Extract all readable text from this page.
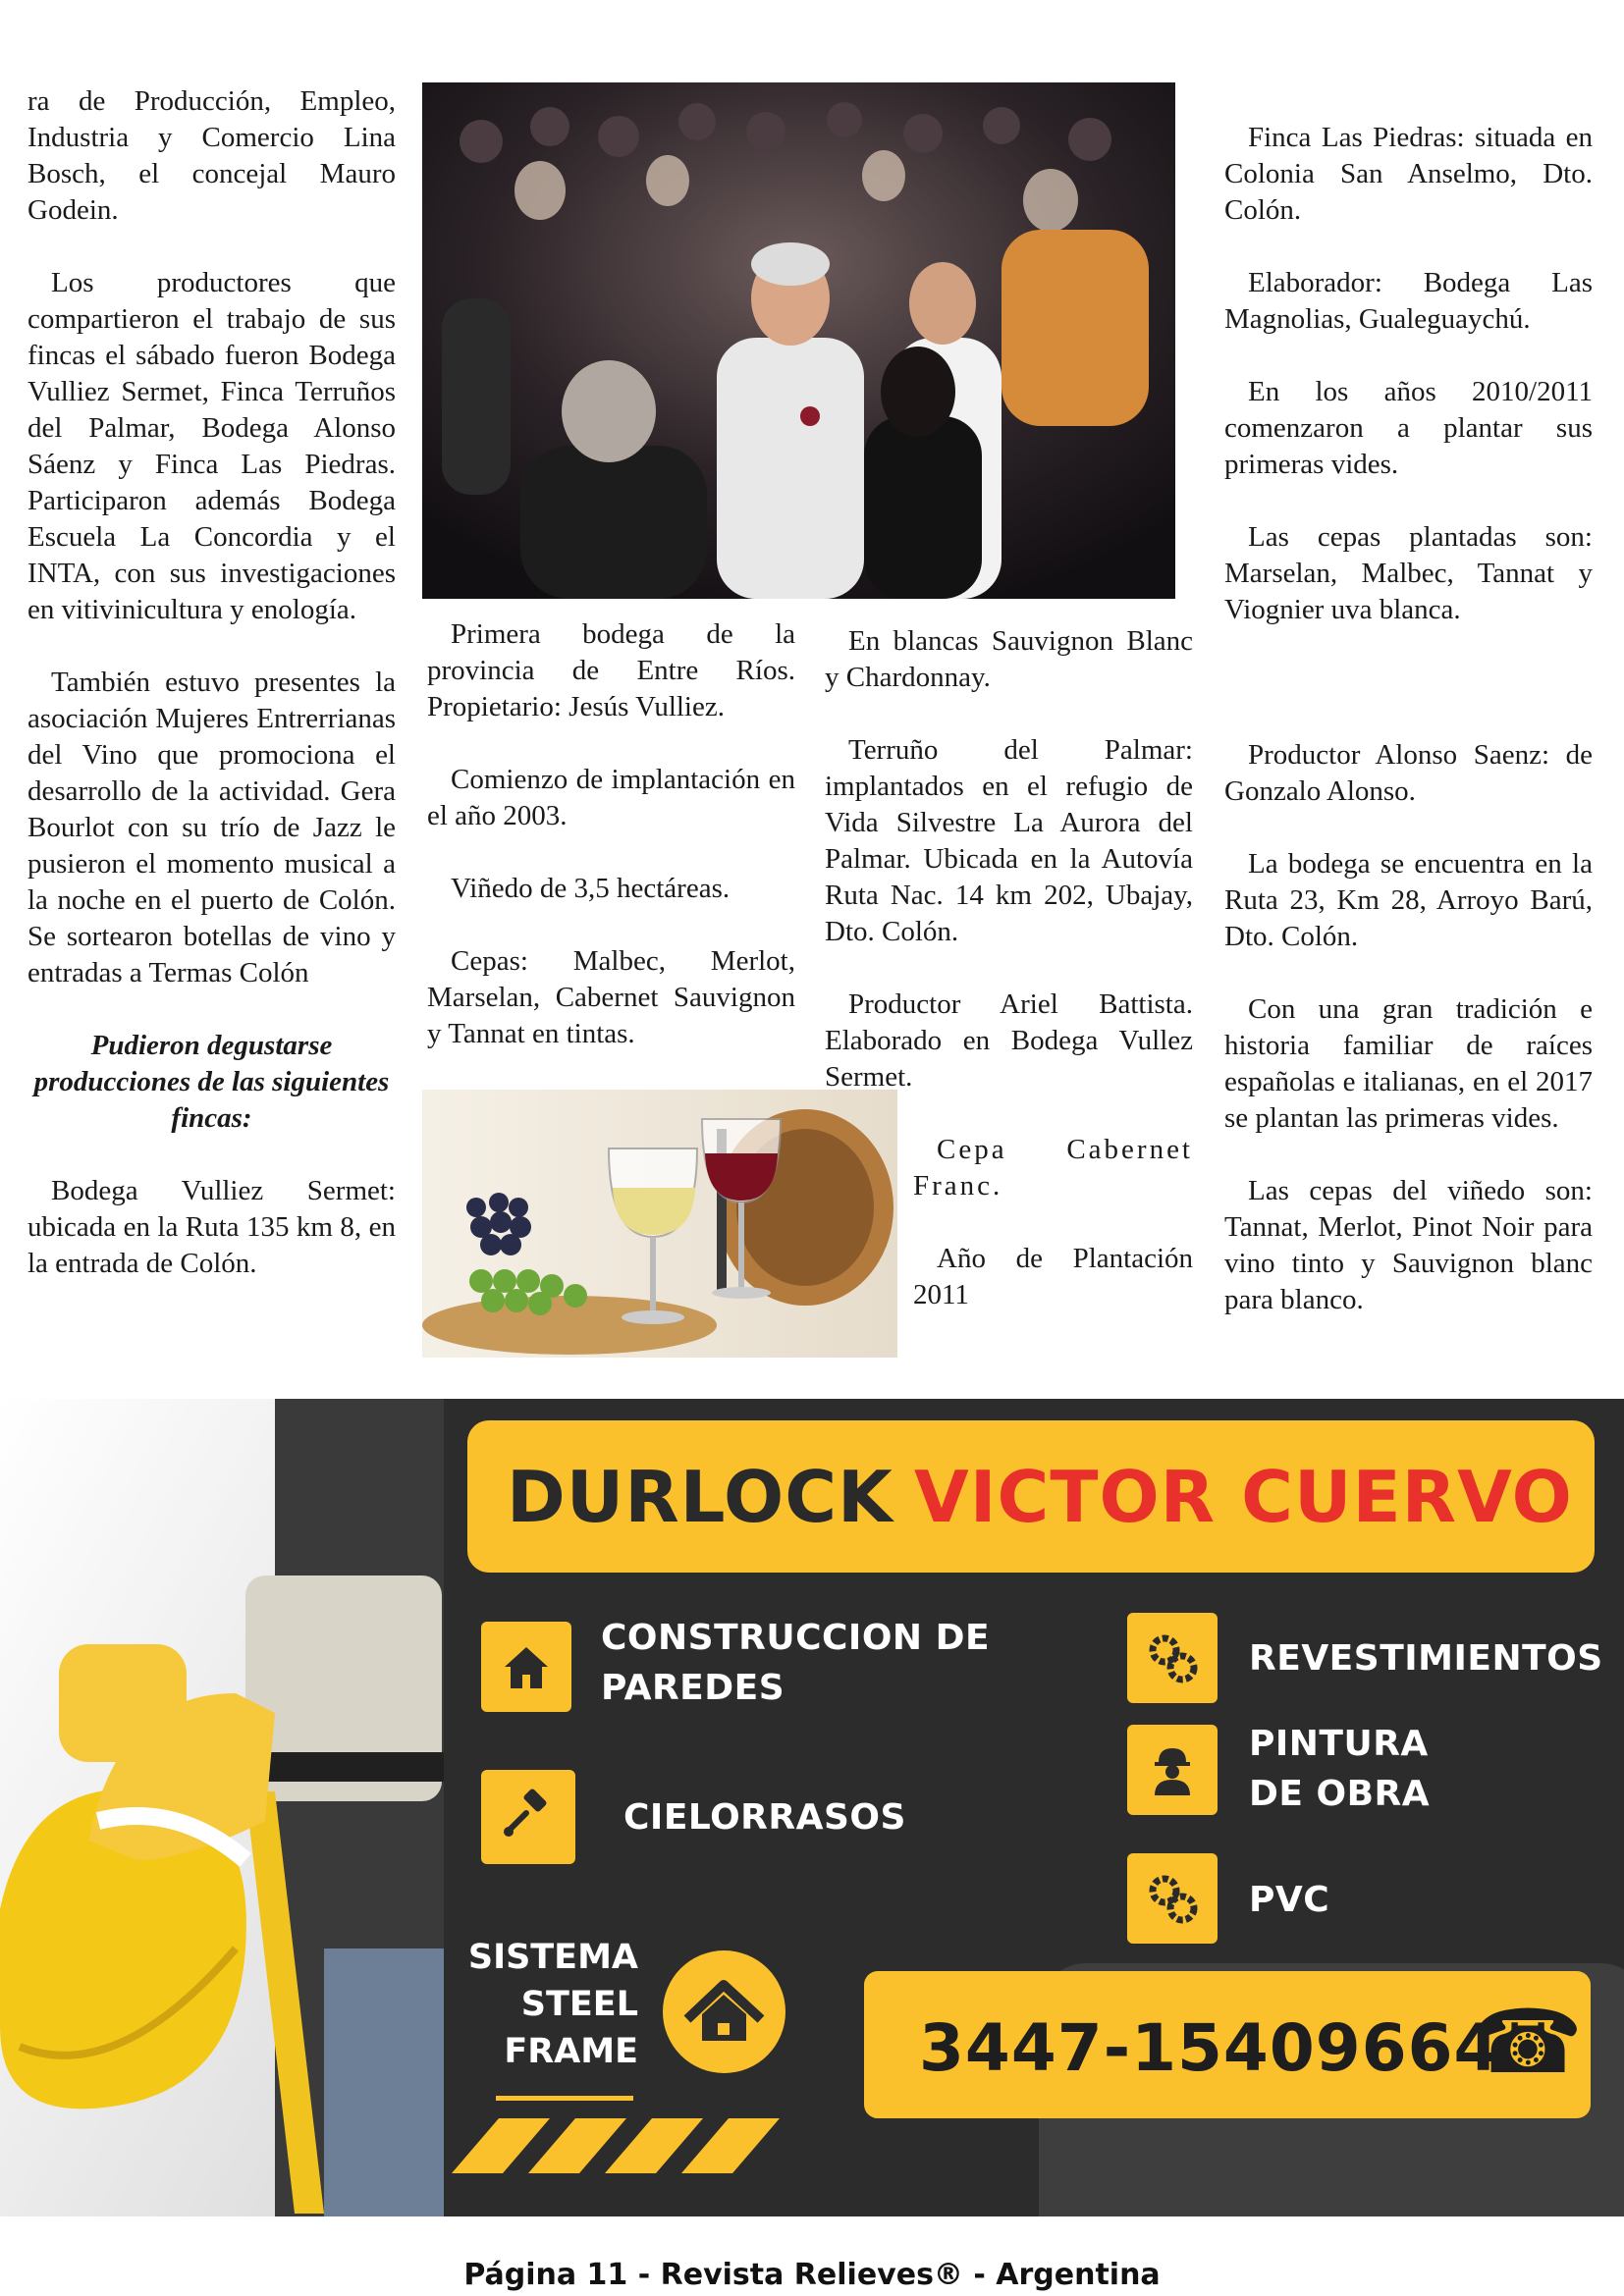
ra de Producción, Empleo, Industria y Comercio Lina Bosch, el concejal Mauro Godein.

Los productores que compartieron el trabajo de sus fincas el sábado fueron Bodega Vulliez Sermet, Finca Terruños del Palmar, Bodega Alonso Sáenz y Finca Las Piedras. Participaron además Bodega Escuela La Concordia y el INTA, con sus investigaciones en vitivinicultura y enología.

También estuvo presentes la asociación Mujeres Entrerrianas del Vino que promociona el desarrollo de la actividad. Gera Bourlot con su trío de Jazz le pusieron el momento musical a la noche en el puerto de Colón. Se sortearon botellas de vino y entradas a Termas Colón

Pudieron degustarse producciones de las siguientes fincas:

Bodega Vulliez Sermet: ubicada en la Ruta 135 km 8, en la entrada de Colón.

Primera bodega de la provincia de Entre Ríos. Propietario: Jesús Vulliez.

Comienzo de implantación en el año 2003.

Viñedo de 3,5 hectáreas.

Cepas: Malbec, Merlot, Marselan, Cabernet Sauvignon y Tannat en tintas.

En blancas Sauvignon Blanc y Chardonnay.

Terruño del Palmar: implantados en el refugio de Vida Silvestre La Aurora del Palmar. Ubicada en la Autovía Ruta Nac. 14 km 202, Ubajay, Dto. Colón.

Productor Ariel Battista. Elaborado en Bodega Vullez Sermet.

Cepa Cabernet Franc.

Año de Plantación 2011

Finca Las Piedras: situada en Colonia San Anselmo, Dto. Colón.

Elaborador: Bodega Las Magnolias, Gualeguaychú.

En los años 2010/2011 comenzaron a plantar sus primeras vides.

Las cepas plantadas son: Marselan, Malbec, Tannat y Viognier uva blanca.

Productor Alonso Saenz: de Gonzalo Alonso.

La bodega se encuentra en la Ruta 23, Km 28, Arroyo Barú, Dto. Colón.

Con una gran tradición e historia familiar de raíces españolas e italianas, en el 2017 se plantan las primeras vides.

Las cepas del viñedo son: Tannat, Merlot, Pinot Noir para vino tinto y Sauvignon blanc para blanco.

DURLOCK VICTOR CUERVO
CONSTRUCCION DE PAREDES
CIELORRASOS
REVESTIMIENTOS
PINTURA DE OBRA
PVC
SISTEMA
STEEL
FRAME	3447-15409664
☎
Página 11 - Revista Relieves® - Argentina
